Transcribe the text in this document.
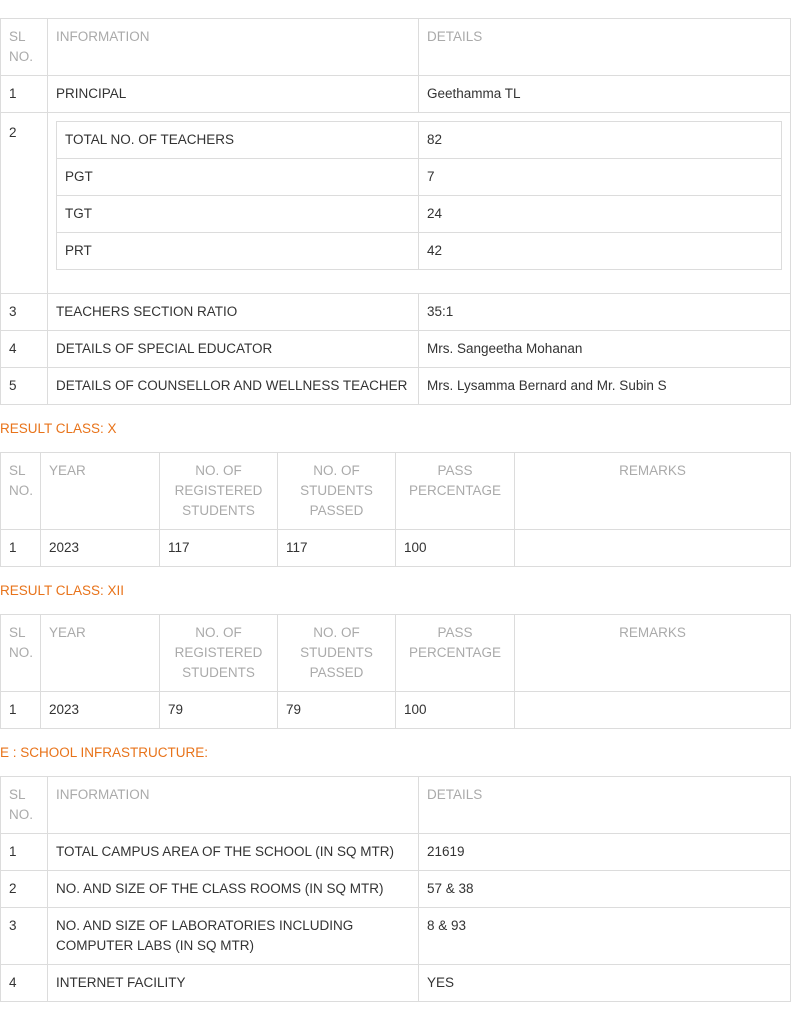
SL NO.	INFORMATION	DETAILS
1	PRINCIPAL	Geethamma TL
2		TOTAL NO. OF TEACHERS	82
PGT	7
TGT	24
PRT	42

3	TEACHERS SECTION RATIO	35:1
4	DETAILS OF SPECIAL EDUCATOR	Mrs. Sangeetha Mohanan
5	DETAILS OF COUNSELLOR AND WELLNESS TEACHER	Mrs. Lysamma Bernard and Mr. Subin S

RESULT CLASS: X

SL NO.	YEAR	NO. OF REGISTERED STUDENTS	NO. OF STUDENTS PASSED	PASS PERCENTAGE	REMARKS
1	2023	117	117	100	

RESULT CLASS: XII

SL NO.	YEAR	NO. OF REGISTERED STUDENTS	NO. OF STUDENTS PASSED	PASS PERCENTAGE	REMARKS
1	2023	79	79	100	

E : SCHOOL INFRASTRUCTURE:

SL NO.	INFORMATION	DETAILS
1	TOTAL CAMPUS AREA OF THE SCHOOL (IN SQ MTR)	21619
2	NO. AND SIZE OF THE CLASS ROOMS (IN SQ MTR)	57 & 38
3	NO. AND SIZE OF LABORATORIES INCLUDING COMPUTER LABS (IN SQ MTR)	8 & 93
4	INTERNET FACILITY	YES
